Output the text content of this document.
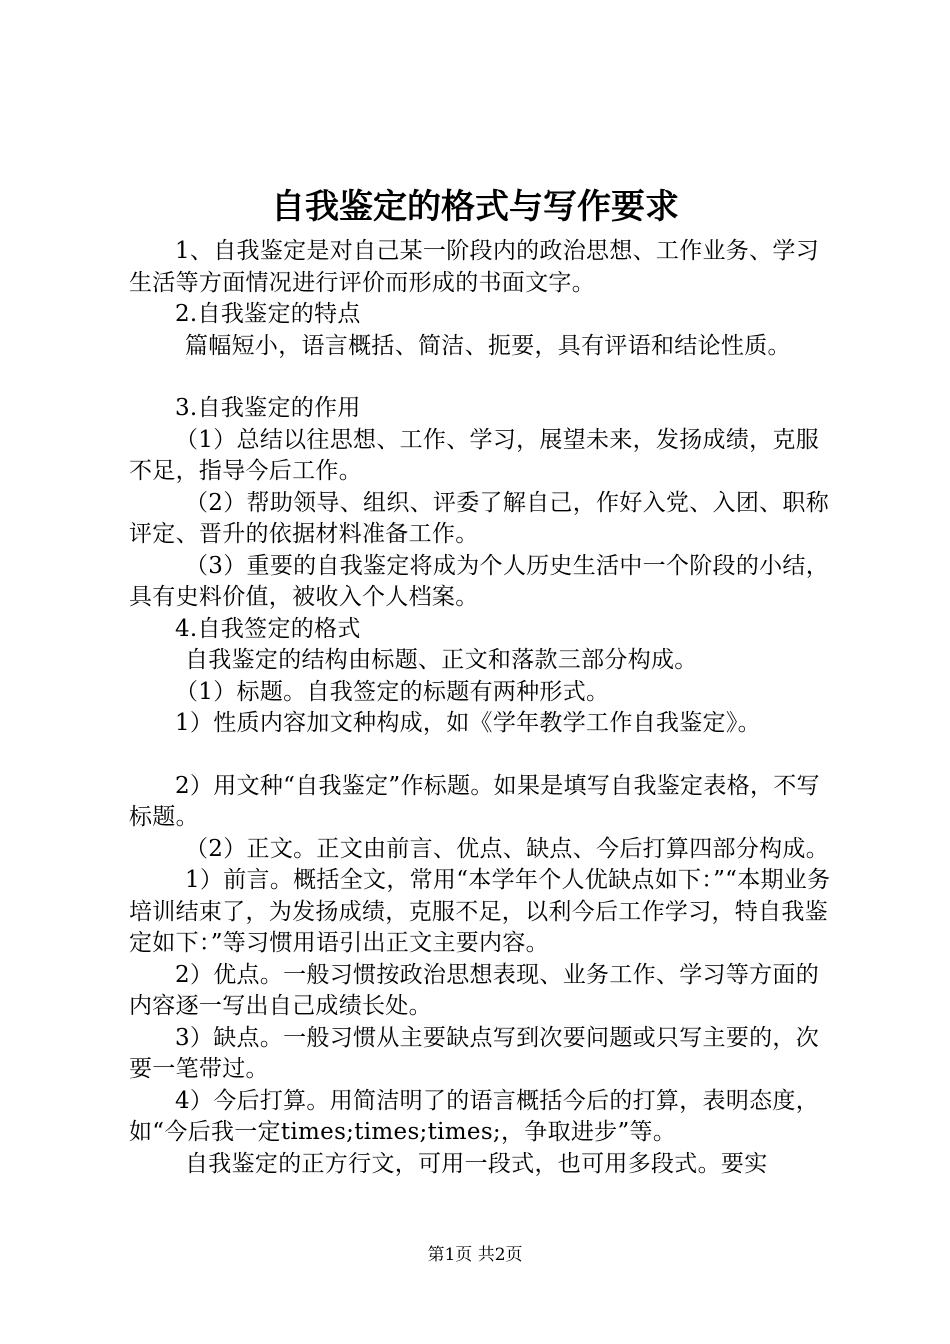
自我鉴定的格式与写作要求

1、自我鉴定是对自己某一阶段内的政治思想、工作业务、学习生活等方面情况进行评价而形成的书面文字。

2.自我鉴定的特点

篇幅短小，语言概括、简洁、扼要，具有评语和结论性质。

3.自我鉴定的作用

（1）总结以往思想、工作、学习，展望未来，发扬成绩，克服不足，指导今后工作。

（2）帮助领导、组织、评委了解自己，作好入党、入团、职称评定、晋升的依据材料准备工作。

（3）重要的自我鉴定将成为个人历史生活中一个阶段的小结，具有史料价值，被收入个人档案。

4.自我签定的格式

自我鉴定的结构由标题、正文和落款三部分构成。

（1）标题。自我签定的标题有两种形式。

1）性质内容加文种构成，如《学年教学工作自我鉴定》。

2）用文种“自我鉴定”作标题。如果是填写自我鉴定表格，不写标题。

（2）正文。正文由前言、优点、缺点、今后打算四部分构成。

1）前言。概括全文，常用“本学年个人优缺点如下：”“本期业务培训结束了，为发扬成绩，克服不足，以利今后工作学习，特自我鉴定如下：”等习惯用语引出正文主要内容。

2）优点。一般习惯按政治思想表现、业务工作、学习等方面的内容逐一写出自己成绩长处。

3）缺点。一般习惯从主要缺点写到次要问题或只写主要的，次要一笔带过。

4）今后打算。用简洁明了的语言概括今后的打算，表明态度，如“今后我一定times;times;times;，争取进步”等。

自我鉴定的正方行文，可用一段式，也可用多段式。要实

第1页 共2页
